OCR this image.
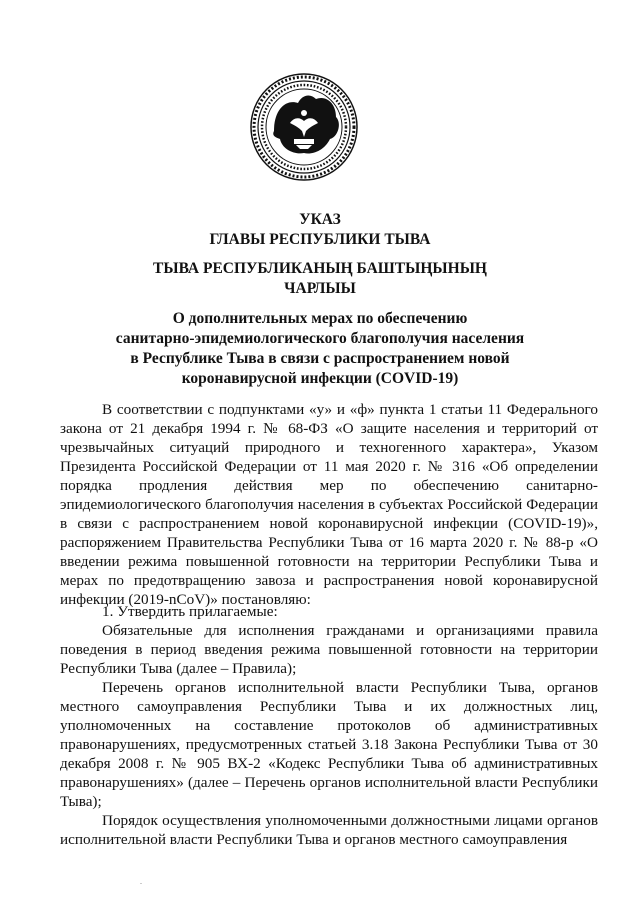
УКАЗ
ГЛАВЫ РЕСПУБЛИКИ ТЫВА
ТЫВА РЕСПУБЛИКАНЫҢ БАШТЫҢЫНЫҢ
ЧАРЛЫЫ
О дополнительных мерах по обеспечению
санитарно-эпидемиологического благополучия населения
в Республике Тыва в связи с распространением новой
коронавирусной инфекции (COVID-19)

В соответствии с подпунктами «у» и «ф» пункта 1 статьи 11 Федерального закона от 21 декабря 1994 г. № 68-ФЗ «О защите населения и территорий от чрезвычайных ситуаций природного и техногенного характера», Указом Президента Российской Федерации от 11 мая 2020 г. № 316 «Об определении порядка продления действия мер по обеспечению санитарно-эпидемиологического благополучия населения в субъектах Российской Федерации в связи с распространением новой коронавирусной инфекции (COVID-19)», распоряжением Правительства Республики Тыва от 16 марта 2020 г. № 88-р «О введении режима повышенной готовности на территории Республики Тыва и мерах по предотвращению завоза и распространения новой коронавирусной инфекции (2019-nCoV)» постановляю:

1. Утвердить прилагаемые:

Обязательные для исполнения гражданами и организациями правила поведения в период введения режима повышенной готовности на территории Республики Тыва (далее – Правила);

Перечень органов исполнительной власти Республики Тыва, органов местного самоуправления Республики Тыва и их должностных лиц, уполномоченных на составление протоколов об административных правонарушениях, предусмотренных статьей 3.18 Закона Республики Тыва от 30 декабря 2008 г. № 905 ВХ-2 «Кодекс Республики Тыва об административных правонарушениях» (далее – Перечень органов исполнительной власти Республики Тыва);

Порядок осуществления уполномоченными должностными лицами органов исполнительной власти Республики Тыва и органов местного самоуправления
